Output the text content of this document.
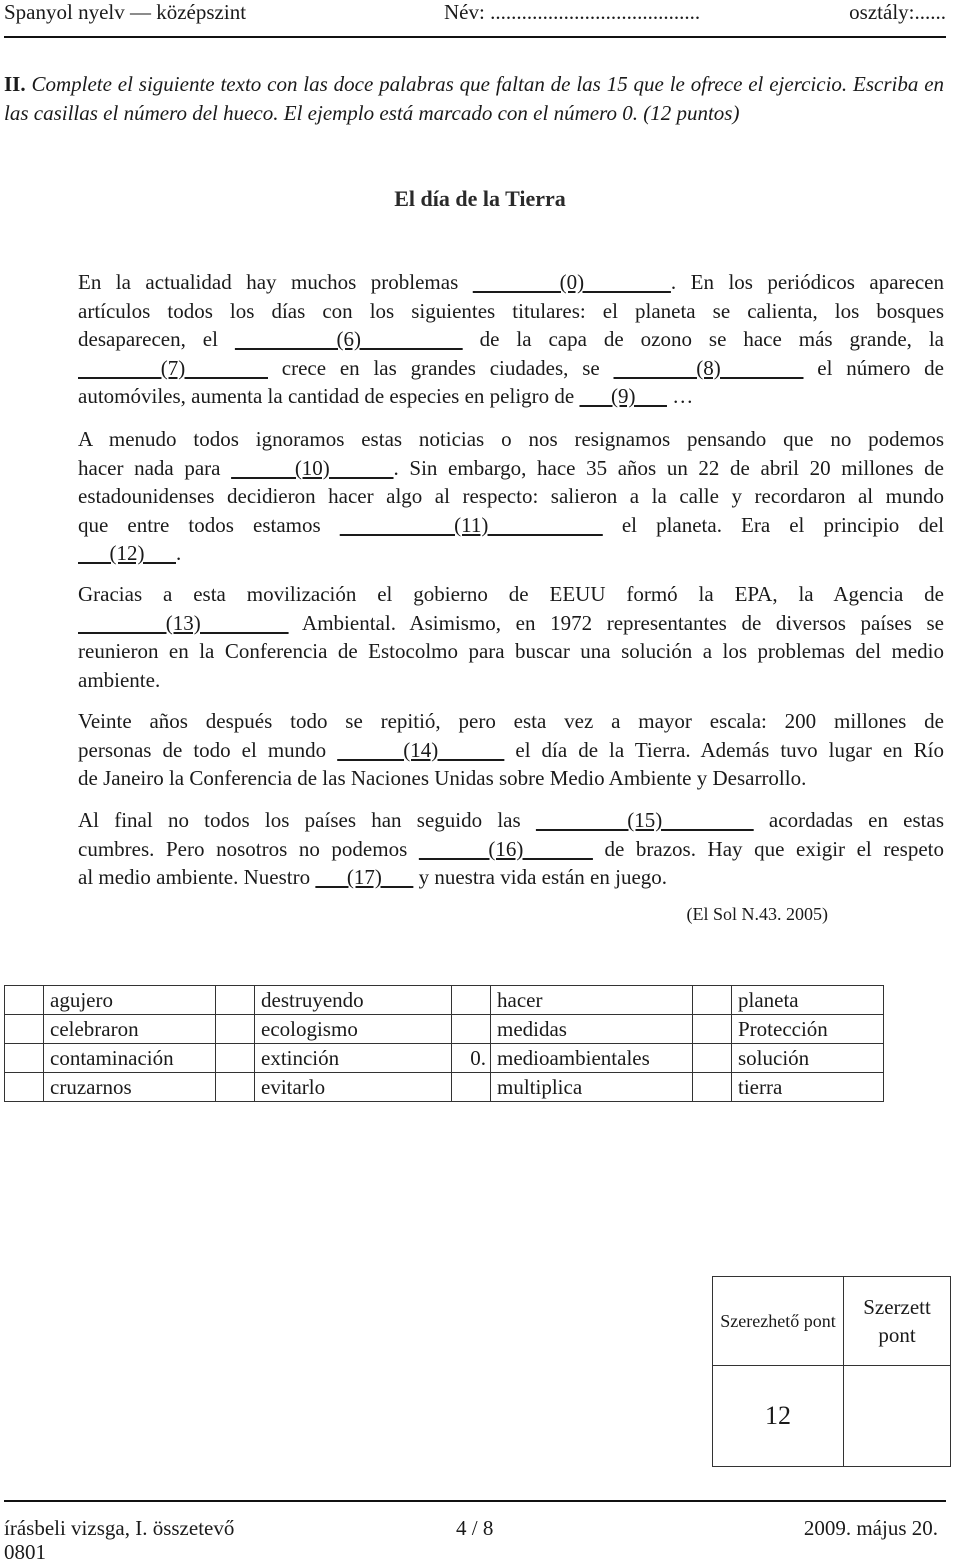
Spanyol nyelv — középszint	Név: ........................................	osztály:......
II. Complete el siguiente texto con las doce palabras que faltan de las 15 que le ofrece el ejercicio. Escriba en las casillas el número del hueco. El ejemplo está marcado con el número 0. (12 puntos)
El día de la Tierra
En la actualidad hay muchos problemas       (0)      . En los periódicos aparecen
artículos todos los días con los siguientes titulares: el planeta se calienta, los bosques
desaparecen, el       (6)       de la capa de ozono se hace más grande, la
(7)       crece en las grandes ciudades, se       (8)       el número de
automóviles, aumenta la cantidad de especies en peligro de       (9)       …
A menudo todos ignoramos estas noticias o nos resignamos pensando que no podemos
hacer nada para       (10)      . Sin embargo, hace 35 años un 22 de abril 20 millones de
estadounidenses decidieron hacer algo al respecto: salieron a la calle y recordaron al mundo
que entre todos estamos       (11)       el planeta. Era el principio del
(12)      .
Gracias a esta movilización el gobierno de EEUU formó la EPA, la Agencia de
(13)       Ambiental. Asimismo, en 1972 representantes de diversos países se
reunieron en la Conferencia de Estocolmo para buscar una solución a los problemas del medio
ambiente.
Veinte años después todo se repitió, pero esta vez a mayor escala: 200 millones de
personas de todo el mundo       (14)       el día de la Tierra. Además tuvo lugar en Río
de Janeiro la Conferencia de las Naciones Unidas sobre Medio Ambiente y Desarrollo.
Al final no todos los países han seguido las       (15)       acordadas en estas
cumbres. Pero nosotros no podemos       (16)       de brazos. Hay que exigir el respeto
al medio ambiente. Nuestro       (17)       y nuestra vida están en juego.
(El Sol N.43. 2005)
	agujero		destruyendo		hacer		planeta
	celebraron		ecologismo		medidas		Protección
	contaminación		extinción	0.	medioambientales		solución
	cruzarnos		evitarlo		multiplica		tierra
Szerezhető pont	Szerzett pont
12	
írásbeli vizsga, I. összetevő	4 / 8	2009. május 20.
0801
